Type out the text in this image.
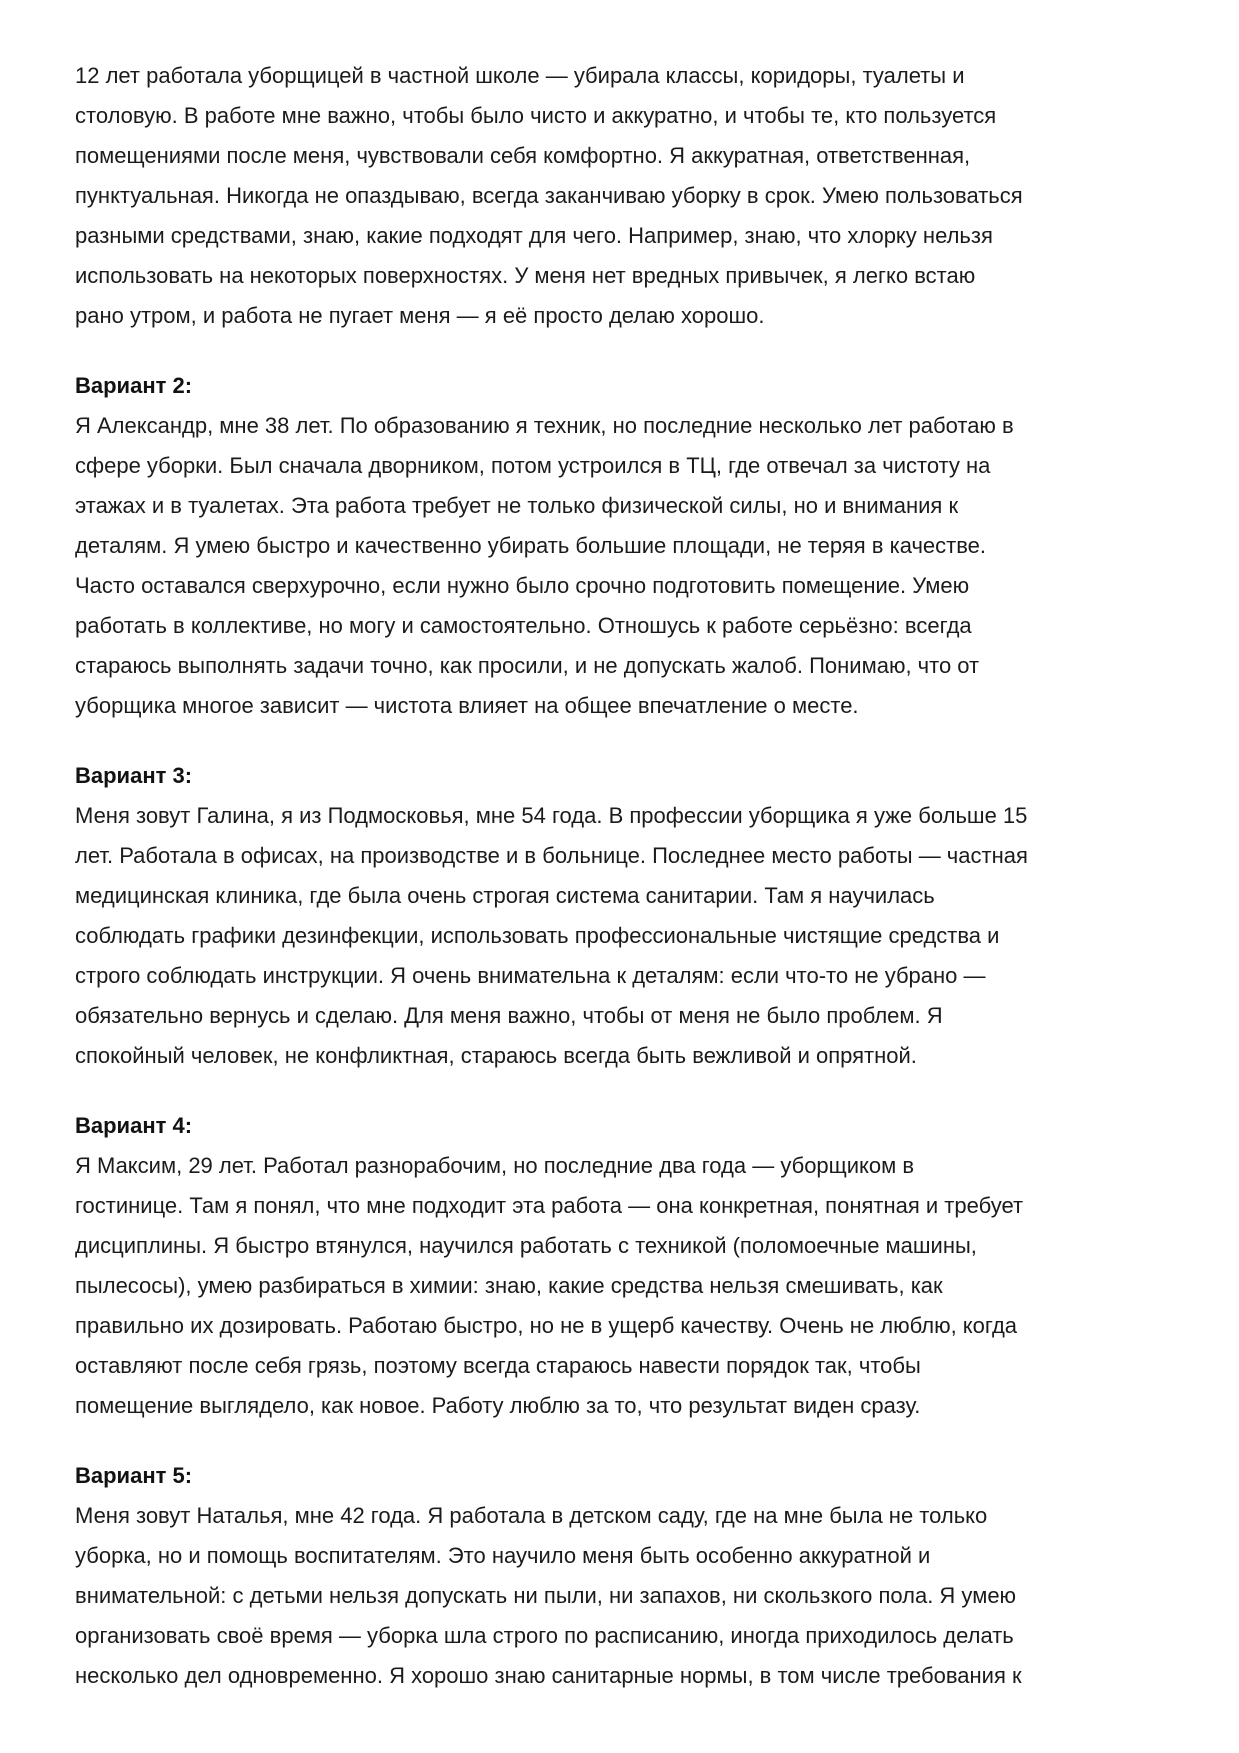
12 лет работала уборщицей в частной школе — убирала классы, коридоры, туалеты и
столовую. В работе мне важно, чтобы было чисто и аккуратно, и чтобы те, кто пользуется
помещениями после меня, чувствовали себя комфортно. Я аккуратная, ответственная,
пунктуальная. Никогда не опаздываю, всегда заканчиваю уборку в срок. Умею пользоваться
разными средствами, знаю, какие подходят для чего. Например, знаю, что хлорку нельзя
использовать на некоторых поверхностях. У меня нет вредных привычек, я легко встаю
рано утром, и работа не пугает меня — я её просто делаю хорошо.
Вариант 2:
Я Александр, мне 38 лет. По образованию я техник, но последние несколько лет работаю в
сфере уборки. Был сначала дворником, потом устроился в ТЦ, где отвечал за чистоту на
этажах и в туалетах. Эта работа требует не только физической силы, но и внимания к
деталям. Я умею быстро и качественно убирать большие площади, не теряя в качестве.
Часто оставался сверхурочно, если нужно было срочно подготовить помещение. Умею
работать в коллективе, но могу и самостоятельно. Отношусь к работе серьёзно: всегда
стараюсь выполнять задачи точно, как просили, и не допускать жалоб. Понимаю, что от
уборщика многое зависит — чистота влияет на общее впечатление о месте.
Вариант 3:
Меня зовут Галина, я из Подмосковья, мне 54 года. В профессии уборщика я уже больше 15
лет. Работала в офисах, на производстве и в больнице. Последнее место работы — частная
медицинская клиника, где была очень строгая система санитарии. Там я научилась
соблюдать графики дезинфекции, использовать профессиональные чистящие средства и
строго соблюдать инструкции. Я очень внимательна к деталям: если что-то не убрано —
обязательно вернусь и сделаю. Для меня важно, чтобы от меня не было проблем. Я
спокойный человек, не конфликтная, стараюсь всегда быть вежливой и опрятной.
Вариант 4:
Я Максим, 29 лет. Работал разнорабочим, но последние два года — уборщиком в
гостинице. Там я понял, что мне подходит эта работа — она конкретная, понятная и требует
дисциплины. Я быстро втянулся, научился работать с техникой (поломоечные машины,
пылесосы), умею разбираться в химии: знаю, какие средства нельзя смешивать, как
правильно их дозировать. Работаю быстро, но не в ущерб качеству. Очень не люблю, когда
оставляют после себя грязь, поэтому всегда стараюсь навести порядок так, чтобы
помещение выглядело, как новое. Работу люблю за то, что результат виден сразу.
Вариант 5:
Меня зовут Наталья, мне 42 года. Я работала в детском саду, где на мне была не только
уборка, но и помощь воспитателям. Это научило меня быть особенно аккуратной и
внимательной: с детьми нельзя допускать ни пыли, ни запахов, ни скользкого пола. Я умею
организовать своё время — уборка шла строго по расписанию, иногда приходилось делать
несколько дел одновременно. Я хорошо знаю санитарные нормы, в том числе требования к
